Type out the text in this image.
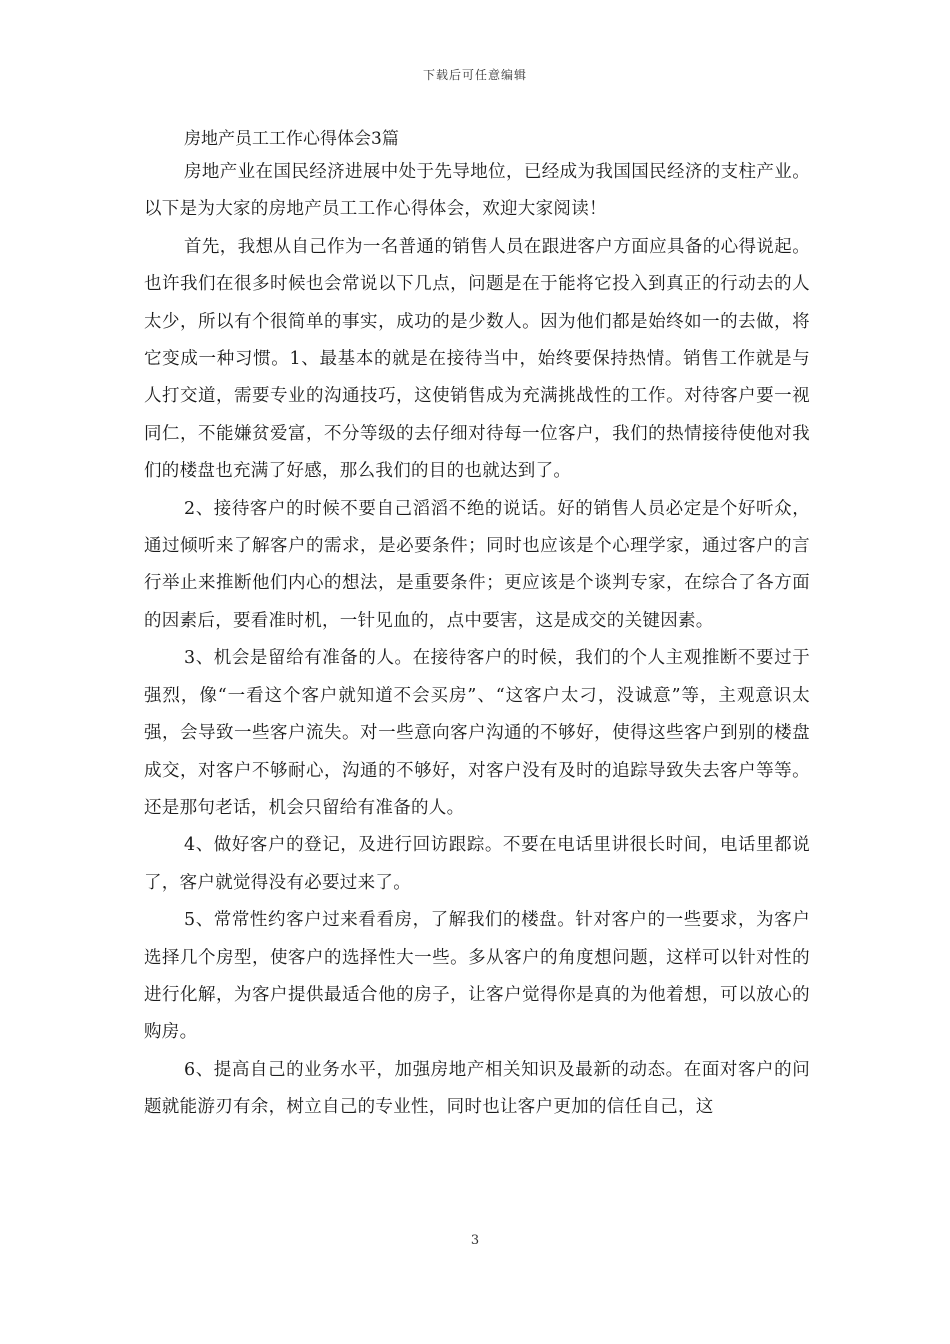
下载后可任意编辑

房地产员工工作心得体会3篇

房地产业在国民经济进展中处于先导地位，已经成为我国国民经济的支柱产业。以下是为大家的房地产员工工作心得体会，欢迎大家阅读！

首先，我想从自己作为一名普通的销售人员在跟进客户方面应具备的心得说起。也许我们在很多时候也会常说以下几点，问题是在于能将它投入到真正的行动去的人太少，所以有个很简单的事实，成功的是少数人。因为他们都是始终如一的去做，将它变成一种习惯。1、最基本的就是在接待当中，始终要保持热情。销售工作就是与人打交道，需要专业的沟通技巧，这使销售成为充满挑战性的工作。对待客户要一视同仁，不能嫌贫爱富，不分等级的去仔细对待每一位客户，我们的热情接待使他对我们的楼盘也充满了好感，那么我们的目的也就达到了。

2、接待客户的时候不要自己滔滔不绝的说话。好的销售人员必定是个好听众，通过倾听来了解客户的需求，是必要条件；同时也应该是个心理学家，通过客户的言行举止来推断他们内心的想法，是重要条件；更应该是个谈判专家，在综合了各方面的因素后，要看准时机，一针见血的，点中要害，这是成交的关键因素。

3、机会是留给有准备的人。在接待客户的时候，我们的个人主观推断不要过于强烈，像“一看这个客户就知道不会买房”、“这客户太刁，没诚意”等，主观意识太强，会导致一些客户流失。对一些意向客户沟通的不够好，使得这些客户到别的楼盘成交，对客户不够耐心，沟通的不够好，对客户没有及时的追踪导致失去客户等等。还是那句老话，机会只留给有准备的人。

4、做好客户的登记，及进行回访跟踪。不要在电话里讲很长时间，电话里都说了，客户就觉得没有必要过来了。

5、常常性约客户过来看看房，了解我们的楼盘。针对客户的一些要求，为客户选择几个房型，使客户的选择性大一些。多从客户的角度想问题，这样可以针对性的进行化解，为客户提供最适合他的房子，让客户觉得你是真的为他着想，可以放心的购房。

6、提高自己的业务水平，加强房地产相关知识及最新的动态。在面对客户的问题就能游刃有余，树立自己的专业性，同时也让客户更加的信任自己，这

3
